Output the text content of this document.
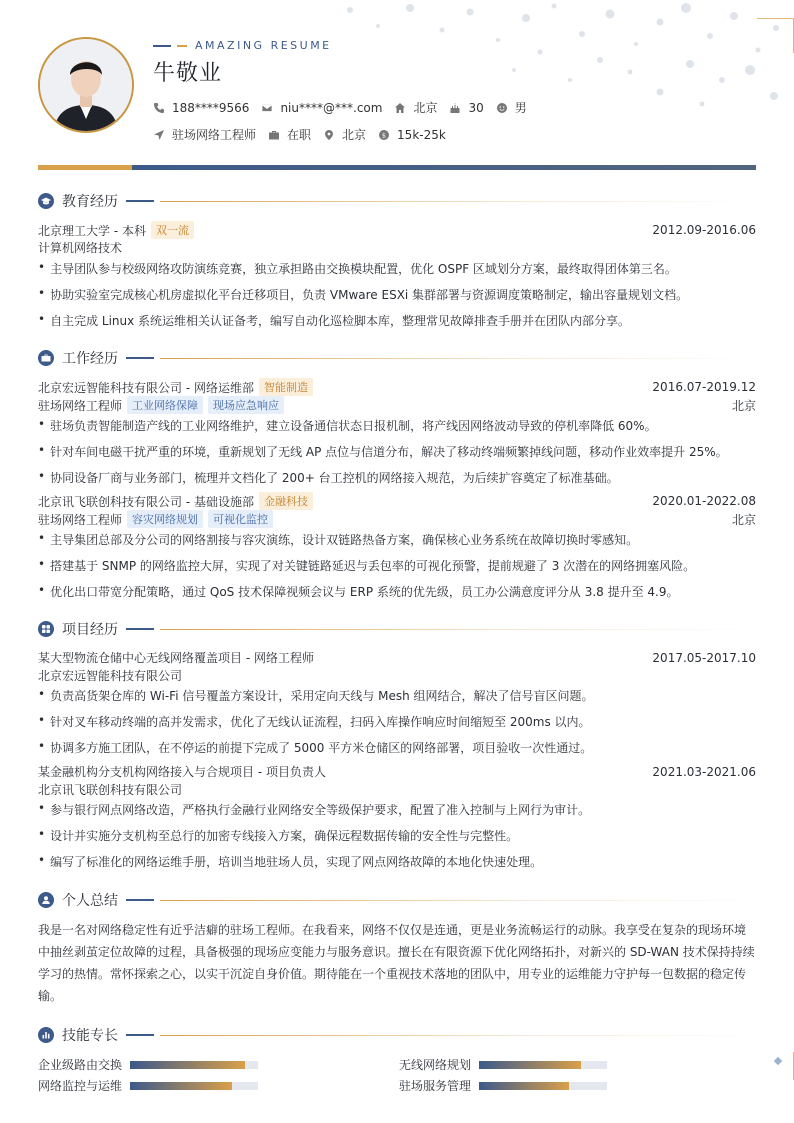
AMAZING RESUME
牛敬业
188****9566	niu****@***.com	北京	30	男
驻场网络工程师	在职	北京 $ 15k-25k
教育经历
北京理工大学 - 本科 双一流	2012.09-2016.06
计算机网络技术
• 主导团队参与校级网络攻防演练竞赛，独立承担路由交换模块配置，优化 OSPF 区域划分方案，最终取得团体第三名。
• 协助实验室完成核心机房虚拟化平台迁移项目，负责 VMware ESXi 集群部署与资源调度策略制定，输出容量规划文档。
• 自主完成 Linux 系统运维相关认证备考，编写自动化巡检脚本库，整理常见故障排查手册并在团队内部分享。
工作经历
北京宏远智能科技有限公司 - 网络运维部 智能制造	2016.07-2019.12
驻场网络工程师 工业网络保障	现场应急响应	北京
• 驻场负责智能制造产线的工业网络维护，建立设备通信状态日报机制，将产线因网络波动导致的停机率降低 60%。
• 针对车间电磁干扰严重的环境，重新规划了无线 AP 点位与信道分布，解决了移动终端频繁掉线问题，移动作业效率提升 25%。
• 协同设备厂商与业务部门，梳理并文档化了 200+ 台工控机的网络接入规范，为后续扩容奠定了标准基础。
北京讯飞联创科技有限公司 - 基础设施部 金融科技	2020.01-2022.08
驻场网络工程师 容灾网络规划	可视化监控	北京
• 主导集团总部及分公司的网络割接与容灾演练，设计双链路热备方案，确保核心业务系统在故障切换时零感知。
• 搭建基于 SNMP 的网络监控大屏，实现了对关键链路延迟与丢包率的可视化预警，提前规避了 3 次潜在的网络拥塞风险。
• 优化出口带宽分配策略，通过 QoS 技术保障视频会议与 ERP 系统的优先级，员工办公满意度评分从 3.8 提升至 4.9。
项目经历
某大型物流仓储中心无线网络覆盖项目 - 网络工程师	2017.05-2017.10
北京宏远智能科技有限公司
• 负责高货架仓库的 Wi-Fi 信号覆盖方案设计，采用定向天线与 Mesh 组网结合，解决了信号盲区问题。
• 针对叉车移动终端的高并发需求，优化了无线认证流程，扫码入库操作响应时间缩短至 200ms 以内。
• 协调多方施工团队，在不停运的前提下完成了 5000 平方米仓储区的网络部署，项目验收一次性通过。
某金融机构分支机构网络接入与合规项目 - 项目负责人	2021.03-2021.06
北京讯飞联创科技有限公司
• 参与银行网点网络改造，严格执行金融行业网络安全等级保护要求，配置了准入控制与上网行为审计。
• 设计并实施分支机构至总行的加密专线接入方案，确保远程数据传输的安全性与完整性。
• 编写了标准化的网络运维手册，培训当地驻场人员，实现了网点网络故障的本地化快速处理。
个人总结
我是一名对网络稳定性有近乎洁癖的驻场工程师。在我看来，网络不仅仅是连通，更是业务流畅运行的动脉。我享受在复杂的现场环境中抽丝剥茧定位故障的过程，具备极强的现场应变能力与服务意识。擅长在有限资源下优化网络拓扑，对新兴的 SD-WAN 技术保持持续学习的热情。常怀探索之心，以实干沉淀自身价值。期待能在一个重视技术落地的团队中，用专业的运维能力守护每一包数据的稳定传输。
技能专长
企业级路由交换	无线网络规划
网络监控与运维	驻场服务管理
